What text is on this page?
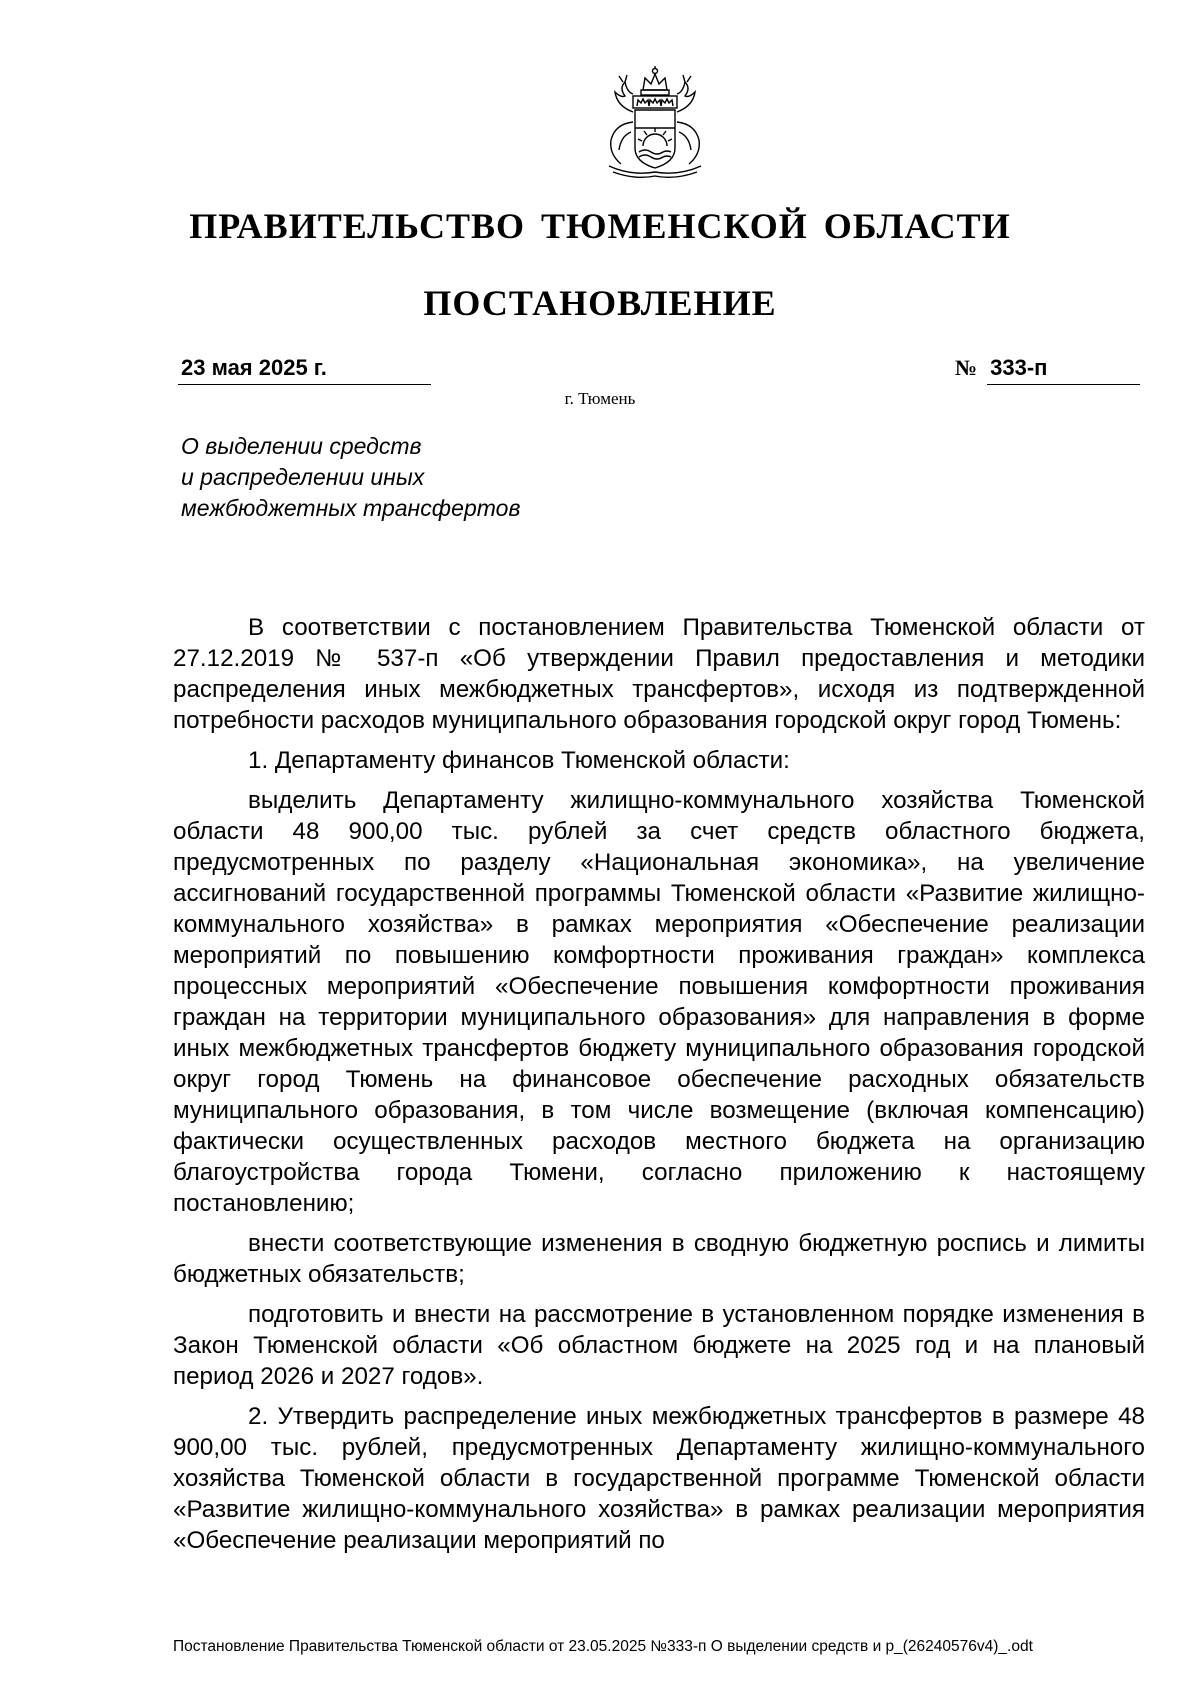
ПРАВИТЕЛЬСТВО ТЮМЕНСКОЙ ОБЛАСТИ
ПОСТАНОВЛЕНИЕ
23 мая 2025 г.	№ 333-п
г. Тюмень
О выделении средств
и распределении иных
межбюджетных трансфертов

В соответствии с постановлением Правительства Тюменской области от 27.12.2019 № 537-п «Об утверждении Правил предоставления и методики распределения иных межбюджетных трансфертов», исходя из подтвержденной потребности расходов муниципального образования городской округ город Тюмень:

1. Департаменту финансов Тюменской области:

выделить Департаменту жилищно-коммунального хозяйства Тюменской области 48 900,00 тыс. рублей за счет средств областного бюджета, предусмотренных по разделу «Национальная экономика», на увеличение ассигнований государственной программы Тюменской области «Развитие жилищно-коммунального хозяйства» в рамках мероприятия «Обеспечение реализации мероприятий по повышению комфортности проживания граждан» комплекса процессных мероприятий «Обеспечение повышения комфортности проживания граждан на территории муниципального образования» для направления в форме иных межбюджетных трансфертов бюджету муниципального образования городской округ город Тюмень на финансовое обеспечение расходных обязательств муниципального образования, в том числе возмещение (включая компенсацию) фактически осуществленных расходов местного бюджета на организацию благоустройства города Тюмени, согласно приложению к настоящему постановлению;

внести соответствующие изменения в сводную бюджетную роспись и лимиты бюджетных обязательств;

подготовить и внести на рассмотрение в установленном порядке изменения в Закон Тюменской области «Об областном бюджете на 2025 год и на плановый период 2026 и 2027 годов».

2. Утвердить распределение иных межбюджетных трансфертов в размере 48 900,00 тыс. рублей, предусмотренных Департаменту жилищно-коммунального хозяйства Тюменской области в государственной программе Тюменской области «Развитие жилищно-коммунального хозяйства» в рамках реализации мероприятия «Обеспечение реализации мероприятий по

Постановление Правительства Тюменской области от 23.05.2025 №333-п О выделении средств и р_(26240576v4)_.odt
